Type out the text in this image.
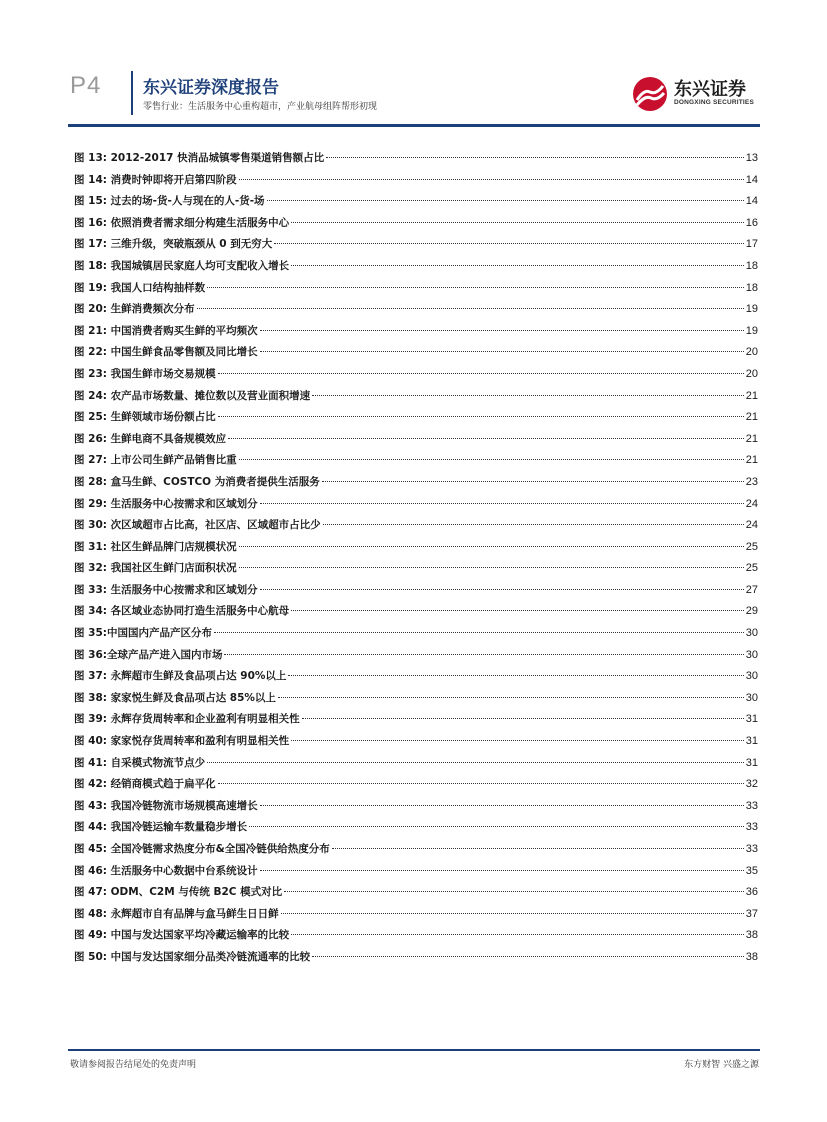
P4 东兴证券深度报告
零售行业：生活服务中心重构超市，产业航母组阵帮形初现
东兴证券
DONGXING SECURITIES
图 13: 2012-2017 快消品城镇零售渠道销售额占比	13
图 14: 消费时钟即将开启第四阶段	14
图 15: 过去的场-货-人与现在的人-货-场	14
图 16: 依照消费者需求细分构建生活服务中心	16
图 17: 三维升级，突破瓶颈从 0 到无穷大	17
图 18: 我国城镇居民家庭人均可支配收入增长	18
图 19: 我国人口结构抽样数	18
图 20: 生鲜消费频次分布	19
图 21: 中国消费者购买生鲜的平均频次	19
图 22: 中国生鲜食品零售额及同比增长	20
图 23: 我国生鲜市场交易规模	20
图 24: 农产品市场数量、摊位数以及营业面积增速	21
图 25: 生鲜领域市场份额占比	21
图 26: 生鲜电商不具备规模效应	21
图 27: 上市公司生鲜产品销售比重	21
图 28: 盒马生鲜、COSTCO 为消费者提供生活服务	23
图 29: 生活服务中心按需求和区域划分	24
图 30: 次区域超市占比高，社区店、区域超市占比少	24
图 31: 社区生鲜品牌门店规模状况	25
图 32: 我国社区生鲜门店面积状况	25
图 33: 生活服务中心按需求和区域划分	27
图 34: 各区域业态协同打造生活服务中心航母	29
图 35:中国国内产品产区分布	30
图 36:全球产品产进入国内市场	30
图 37: 永辉超市生鲜及食品项占达 90%以上	30
图 38: 家家悦生鲜及食品项占达 85%以上	30
图 39: 永辉存货周转率和企业盈利有明显相关性	31
图 40: 家家悦存货周转率和盈利有明显相关性	31
图 41: 自采模式物流节点少	31
图 42: 经销商模式趋于扁平化	32
图 43: 我国冷链物流市场规模高速增长	33
图 44: 我国冷链运输车数量稳步增长	33
图 45: 全国冷链需求热度分布&全国冷链供给热度分布	33
图 46: 生活服务中心数据中台系统设计	35
图 47: ODM、C2M 与传统 B2C 模式对比	36
图 48: 永辉超市自有品牌与盒马鲜生日日鲜	37
图 49: 中国与发达国家平均冷藏运输率的比较	38
图 50: 中国与发达国家细分品类冷链流通率的比较	38
敬请参阅报告结尾处的免责声明	东方财智 兴盛之源
